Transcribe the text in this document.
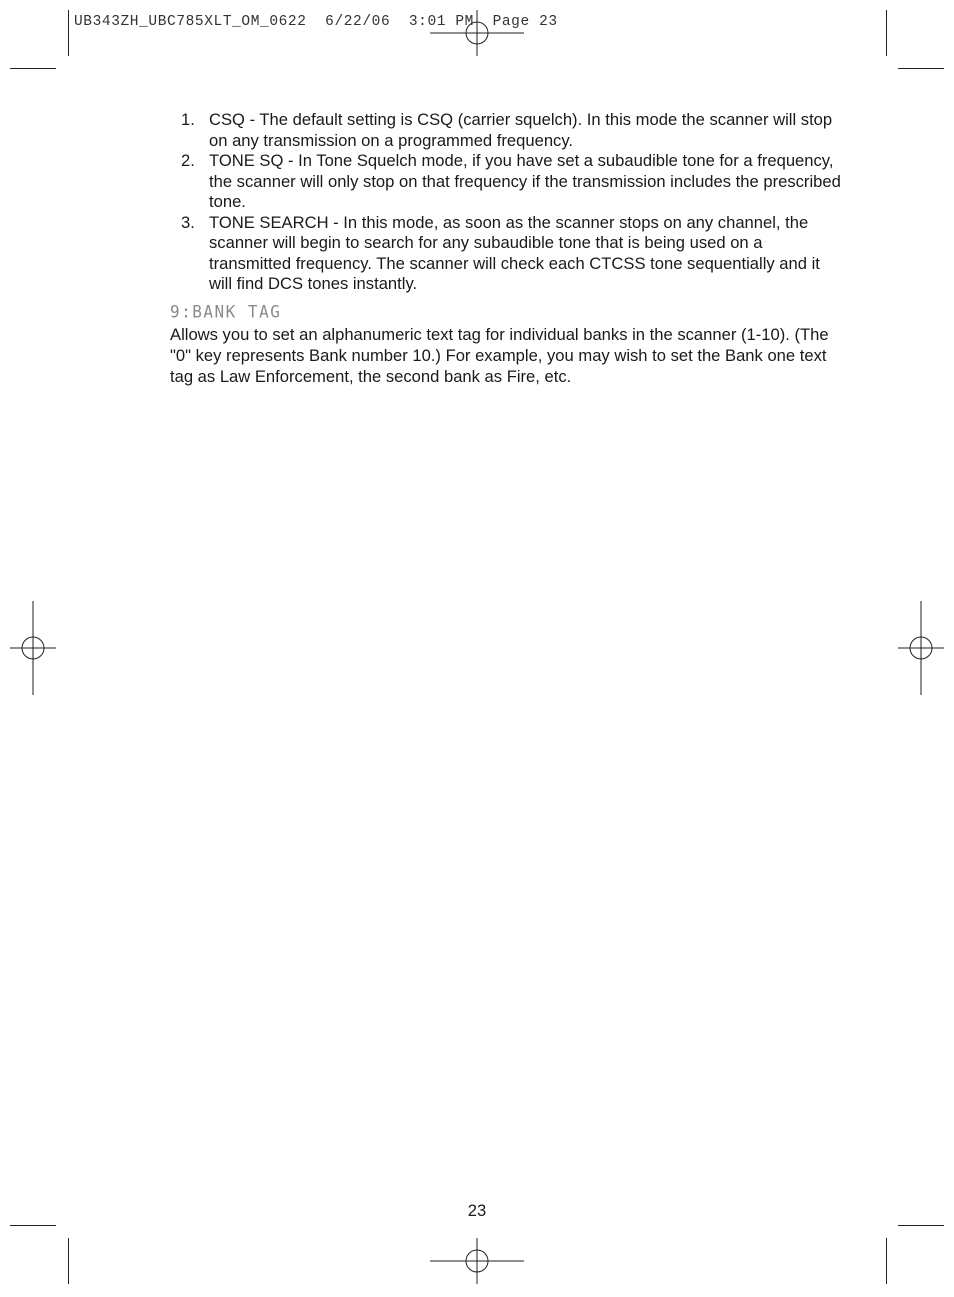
UB343ZH_UBC785XLT_OM_0622  6/22/06  3:01 PM  Page 23
1. CSQ - The default setting is CSQ (carrier squelch). In this mode the scanner will stop on any transmission on a programmed frequency.
2. TONE SQ - In Tone Squelch mode, if you have set a subaudible tone for a frequency, the scanner will only stop on that frequency if the transmission includes the prescribed tone.
3. TONE SEARCH - In this mode, as soon as the scanner stops on any channel, the scanner will begin to search for any subaudible tone that is being used on a transmitted frequency. The scanner will check each CTCSS tone sequentially and it will find DCS tones instantly.
9:BANK TAG
Allows you to set an alphanumeric text tag for individual banks in the scanner (1-10). (The "0" key represents Bank number 10.) For example, you may wish to set the Bank one text tag as Law Enforcement, the second bank as Fire, etc.
23
